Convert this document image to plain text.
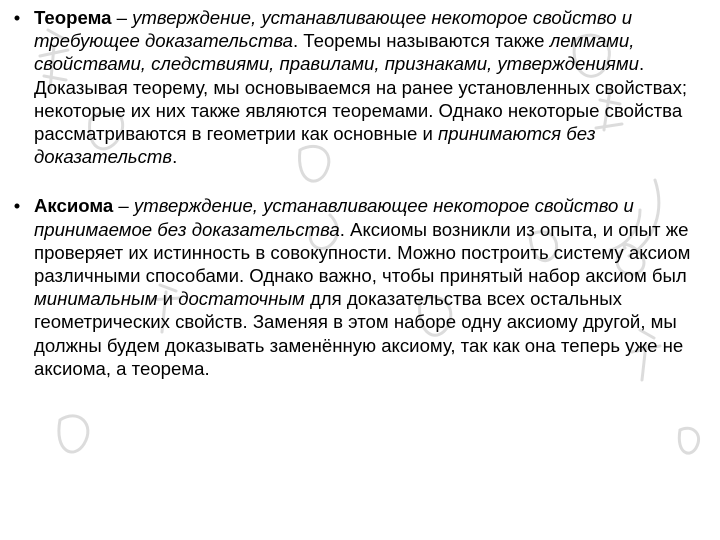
• Теорема – утверждение, устанавливающее некоторое свойство и требующее доказательства. Теоремы называются также леммами, свойствами, следствиями, правилами, признаками, утверждениями. Доказывая теорему, мы основываемся на ранее установленных свойствах; некоторые их них также являются теоремами. Однако некоторые свойства рассматриваются в геометрии как основные и принимаются без доказательств.
• Аксиома – утверждение, устанавливающее некоторое свойство и принимаемое без доказательства. Аксиомы возникли из опыта, и опыт же проверяет их истинность в совокупности. Можно построить систему аксиом различными способами. Однако важно, чтобы принятый набор аксиом был минимальным и достаточным для доказательства всех остальных геометрических свойств. Заменяя в этом наборе одну аксиому другой, мы должны будем доказывать заменённую аксиому, так как она теперь уже не аксиома, а теорема.
